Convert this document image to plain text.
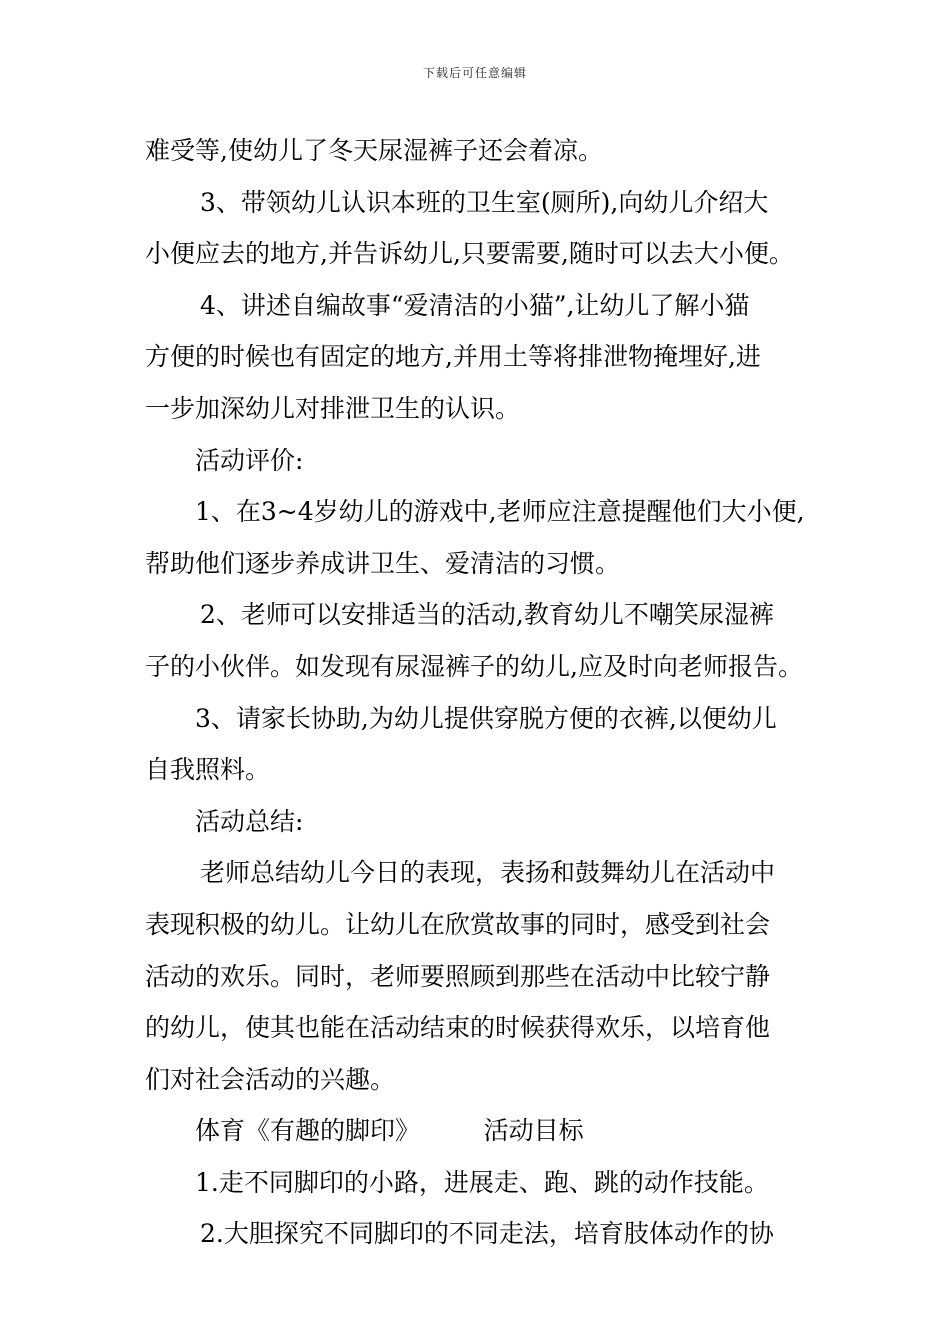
下载后可任意编辑
难受等,使幼儿了冬天尿湿裤子还会着凉。
3、带领幼儿认识本班的卫生室(厕所),向幼儿介绍大
小便应去的地方,并告诉幼儿,只要需要,随时可以去大小便。
4、讲述自编故事“爱清洁的小猫”,让幼儿了解小猫
方便的时候也有固定的地方,并用土等将排泄物掩埋好,进
一步加深幼儿对排泄卫生的认识。
活动评价:
1、在3~4岁幼儿的游戏中,老师应注意提醒他们大小便,
帮助他们逐步养成讲卫生、爱清洁的习惯。
2、老师可以安排适当的活动,教育幼儿不嘲笑尿湿裤
子的小伙伴。如发现有尿湿裤子的幼儿,应及时向老师报告。
3、请家长协助,为幼儿提供穿脱方便的衣裤,以便幼儿
自我照料。
活动总结:
老师总结幼儿今日的表现，表扬和鼓舞幼儿在活动中
表现积极的幼儿。让幼儿在欣赏故事的同时，感受到社会
活动的欢乐。同时，老师要照顾到那些在活动中比较宁静
的幼儿，使其也能在活动结束的时候获得欢乐，以培育他
们对社会活动的兴趣。
体育《有趣的脚印》        活动目标
1.走不同脚印的小路，进展走、跑、跳的动作技能。
2.大胆探究不同脚印的不同走法，培育肢体动作的协
